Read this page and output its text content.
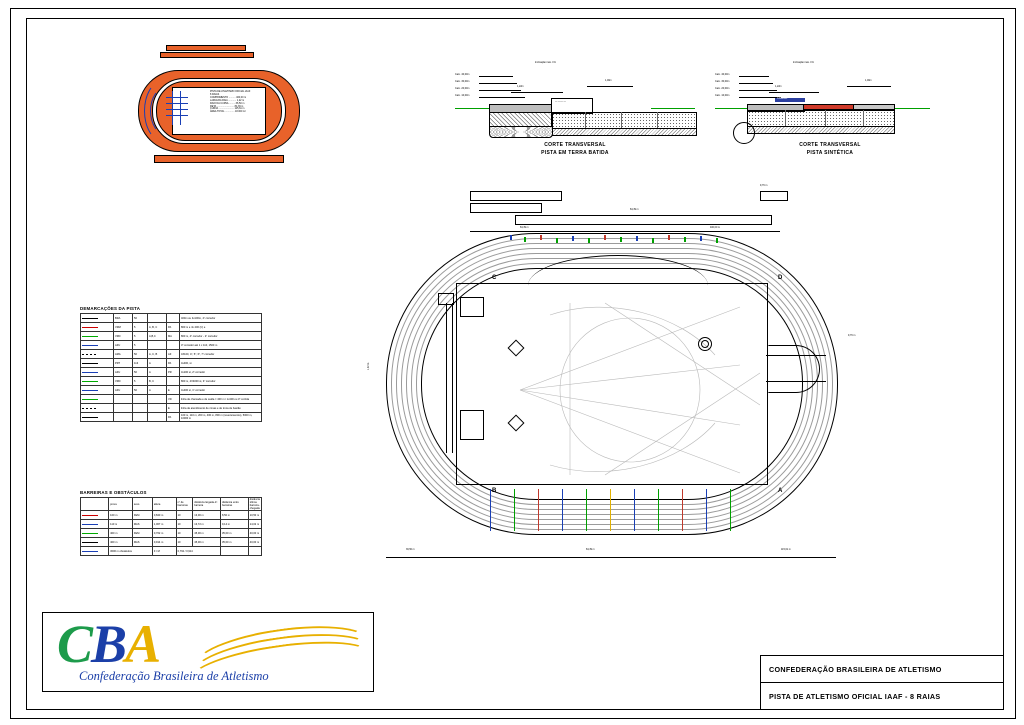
PISTA DE ATLETISMO OFICIAL IAAF
8 RAIAS
COMPRIMENTO .......... 400,00 m
LARGURA RAIA ............ 1,22 m
RAIO DA CURVA ......... 36,50 m
RETA .......................... 84,39 m
CURVA ....................... 115,61 m
ÁREA TOTAL .............. 18.000 m²
Inclinação máx. 1%
Cam. 40,00m
Cam. 30,00m
Cam. 20,00m
Cam. 10,00m
1,22m
1,00m
— —— —
CORTE TRANSVERSAL
PISTA EM TERRA BATIDA
Inclinação máx. 1%
Cam. 40,00m
Cam. 30,00m
Cam. 20,00m
Cam. 10,00m
1,22m
1,00m
CAMADA
CORTE TRANSVERSAL
PISTA SINTÉTICA
84,39 m
9,76 m
84,39 m	400,00 m
C	D
B	A
36,50 m	84,39 m	115,61 m
1,22 m
9,76 m
DEMARCAÇÕES DA PISTA
	BRA	50			400m ou 4x100m, 4º corredor

	VRM	5	A, B, C	PA	800 m e 4x 400 (C) e

	VRD	5	A,B,C	MA	800 m, 4º corredor - 2º corredor

	AZU	5			3º corredor até 1 x 110, 1500 m

	AMA	50	A, C, B	AZ	4X100, 4º, 5º, 6º, 7º corredor

	PRT	113	A	PA	4x400, st

	AZU	50	A	PR	4x100 st, 2º corredor

	VRD	5	B, C		800 m, 4X4000 st, 3º corredor

	AZU	50	A	E	4x400 st, 1º corredor

				VD	linha de chamada e de saída = 400 m / 1x400 ou 3º corrida

				E	linha de atendimento de zonas e de troca de bastão

				PA	100 m, 110 m, 200 m, 400 m, 800 m (revezamentos), 5000 m, 10000 m
BARREIRAS E OBSTÁCULOS
	prova	sexo	altura	nº de barreiras	distância largada-1ª barreira	distância entre barreiras	distância última barreira-chegada

	100 m	FEM	0,840 m	10	13,00 m	8,50 m	10,50 m

	110 m	MAS	1,067 m	10	13,72 m	9,14 m	14,02 m

	400 m	FEM	0,762 m	10	45,00 m	35,00 m	40,00 m

	400 m	MAS	0,914 m	10	45,00 m	35,00 m	40,00 m

	3000 m obstáculos		F / M	0,762 / 0,914			
CBA
Confederação Brasileira de Atletismo	CONFEDERAÇÃO BRASILEIRA DE ATLETISMO
PISTA DE ATLETISMO OFICIAL IAAF - 8 RAIAS
